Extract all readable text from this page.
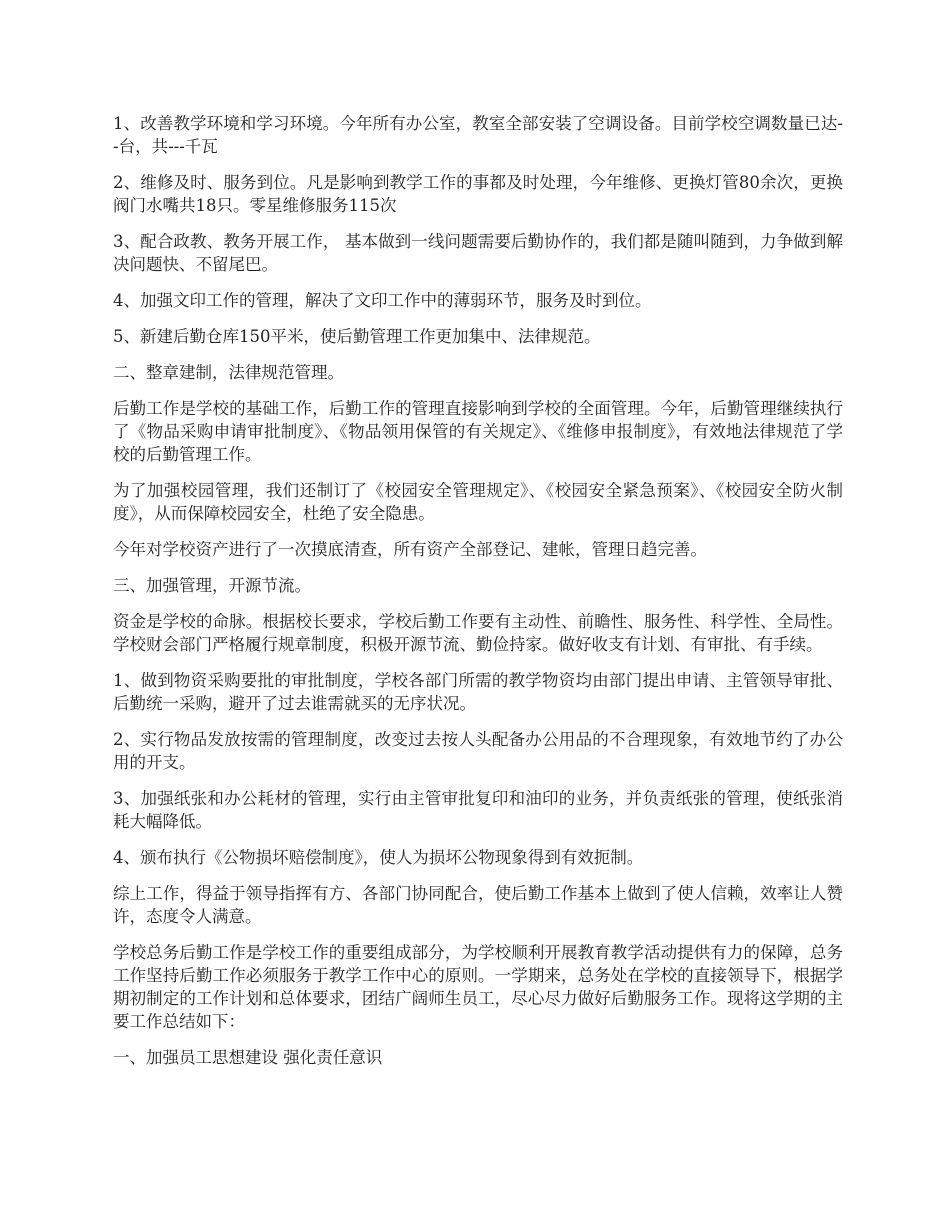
1、改善教学环境和学习环境。今年所有办公室，教室全部安装了空调设备。目前学校空调数量已达--台，共---千瓦

2、维修及时、服务到位。凡是影响到教学工作的事都及时处理，今年维修、更换灯管80余次，更换阀门水嘴共18只。零星维修服务115次

3、配合政教、教务开展工作， 基本做到一线问题需要后勤协作的，我们都是随叫随到，力争做到解决问题快、不留尾巴。

4、加强文印工作的管理，解决了文印工作中的薄弱环节，服务及时到位。

5、新建后勤仓库150平米，使后勤管理工作更加集中、法律规范。

二、整章建制，法律规范管理。

后勤工作是学校的基础工作，后勤工作的管理直接影响到学校的全面管理。今年，后勤管理继续执行了《物品采购申请审批制度》、《物品领用保管的有关规定》、《维修申报制度》，有效地法律规范了学校的后勤管理工作。

为了加强校园管理，我们还制订了《校园安全管理规定》、《校园安全紧急预案》、《校园安全防火制度》，从而保障校园安全，杜绝了安全隐患。

今年对学校资产进行了一次摸底清查，所有资产全部登记、建帐，管理日趋完善。

三、加强管理，开源节流。

资金是学校的命脉。根据校长要求，学校后勤工作要有主动性、前瞻性、服务性、科学性、全局性。学校财会部门严格履行规章制度，积极开源节流、勤俭持家。做好收支有计划、有审批、有手续。

1、做到物资采购要批的审批制度，学校各部门所需的教学物资均由部门提出申请、主管领导审批、后勤统一采购，避开了过去谁需就买的无序状况。

2、实行物品发放按需的管理制度，改变过去按人头配备办公用品的不合理现象，有效地节约了办公用的开支。

3、加强纸张和办公耗材的管理，实行由主管审批复印和油印的业务，并负责纸张的管理，使纸张消耗大幅降低。

4、颁布执行《公物损坏赔偿制度》，使人为损坏公物现象得到有效扼制。

综上工作，得益于领导指挥有方、各部门协同配合，使后勤工作基本上做到了使人信赖，效率让人赞许，态度令人满意。

学校总务后勤工作是学校工作的重要组成部分，为学校顺利开展教育教学活动提供有力的保障，总务工作坚持后勤工作必须服务于教学工作中心的原则。一学期来，总务处在学校的直接领导下，根据学期初制定的工作计划和总体要求，团结广阔师生员工，尽心尽力做好后勤服务工作。现将这学期的主要工作总结如下：

一、加强员工思想建设 强化责任意识
